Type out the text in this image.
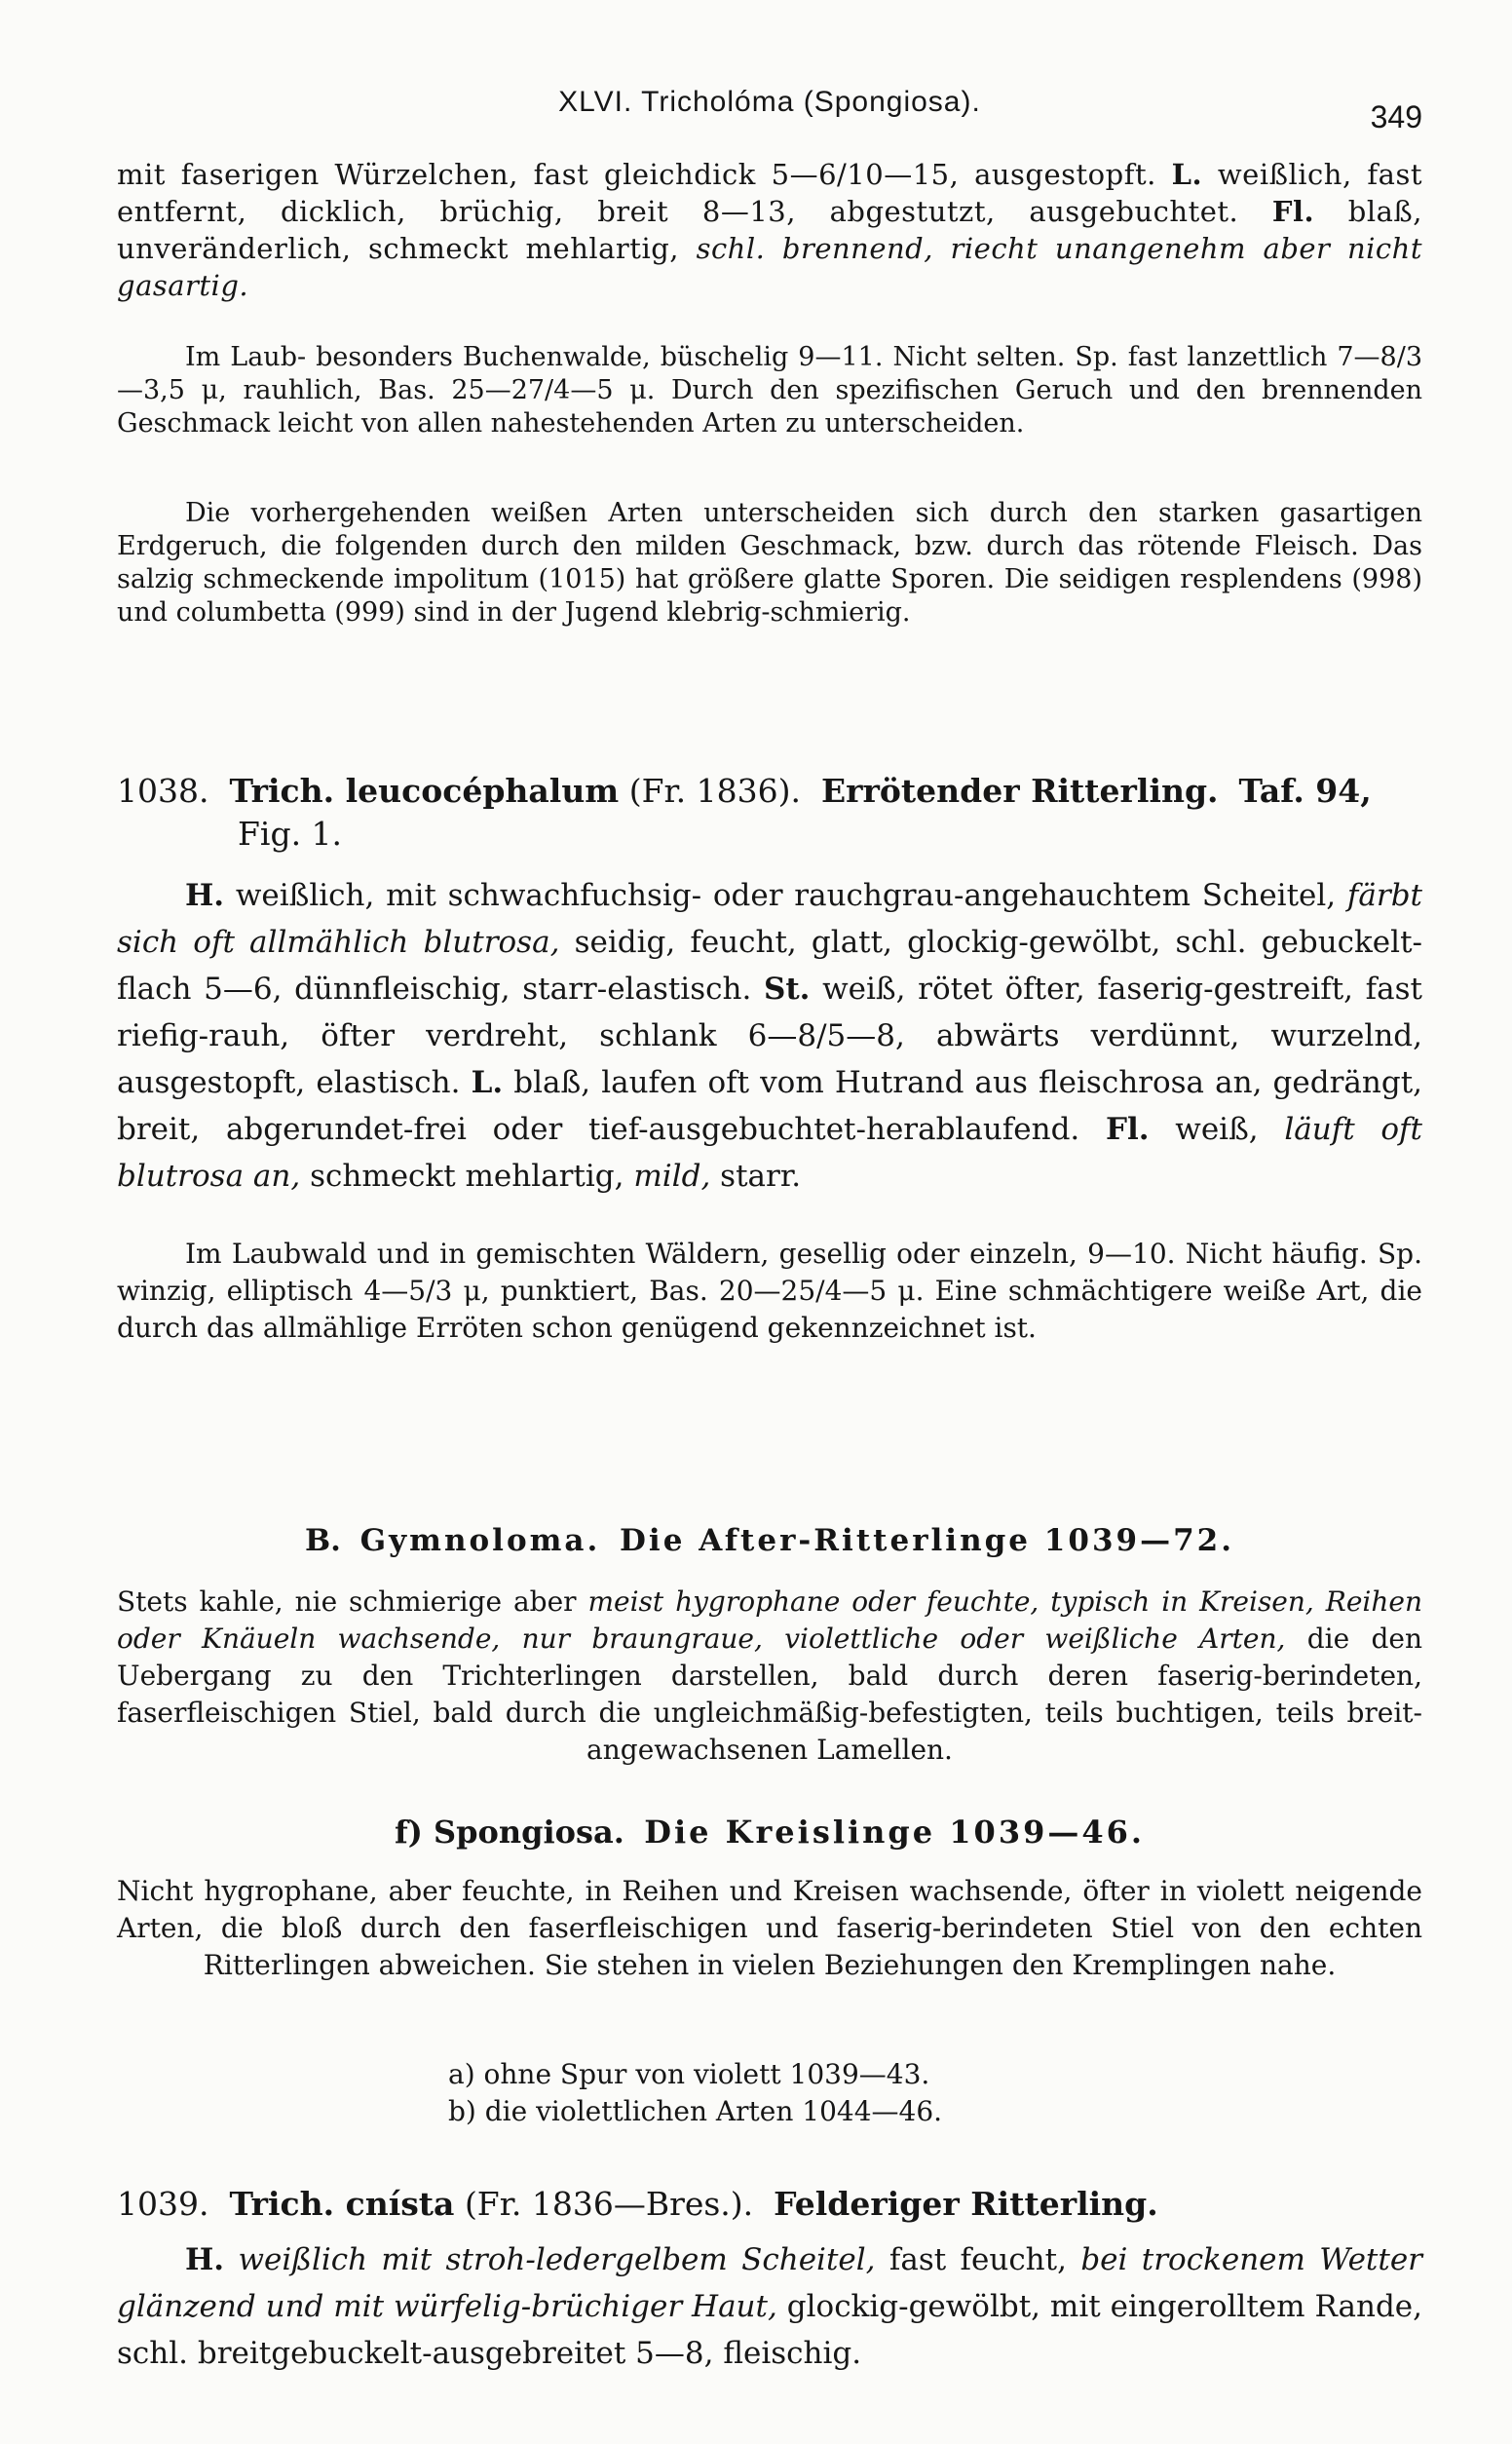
XLVI. Tricholóma (Spongiosa).	349

mit faserigen Würzelchen, fast gleichdick 5—6/10—15, ausgestopft. L. weißlich, fast entfernt, dicklich, brüchig, breit 8—13, abgestutzt, ausgebuchtet. Fl. blaß, unveränderlich, schmeckt mehlartig, schl. brennend, riecht unangenehm aber nicht gasartig.

Im Laub- besonders Buchenwalde, büschelig 9—11. Nicht selten. Sp. fast lanzettlich 7—8/3—3,5 μ, rauhlich, Bas. 25—27/4—5 μ. Durch den spezifischen Geruch und den brennenden Geschmack leicht von allen nahestehenden Arten zu unterscheiden.

Die vorhergehenden weißen Arten unterscheiden sich durch den starken gasartigen Erdgeruch, die folgenden durch den milden Geschmack, bzw. durch das rötende Fleisch. Das salzig schmeckende impolitum (1015) hat größere glatte Sporen. Die seidigen resplendens (998) und columbetta (999) sind in der Jugend klebrig-schmierig.

1038. Trich. leucocéphalum (Fr. 1836). Errötender Ritterling. Taf. 94,
Fig. 1.

H. weißlich, mit schwachfuchsig- oder rauchgrau-angehauchtem Scheitel, färbt sich oft allmählich blutrosa, seidig, feucht, glatt, glockig-gewölbt, schl. gebuckelt-flach 5—6, dünnfleischig, starr-elastisch. St. weiß, rötet öfter, faserig-gestreift, fast riefig-rauh, öfter verdreht, schlank 6—8/5—8, abwärts verdünnt, wurzelnd, ausgestopft, elastisch. L. blaß, laufen oft vom Hutrand aus fleischrosa an, gedrängt, breit, abgerundet-frei oder tief-ausgebuchtet-herablaufend. Fl. weiß, läuft oft blutrosa an, schmeckt mehlartig, mild, starr.

Im Laubwald und in gemischten Wäldern, gesellig oder einzeln, 9—10. Nicht häufig. Sp. winzig, elliptisch 4—5/3 μ, punktiert, Bas. 20—25/4—5 μ. Eine schmächtigere weiße Art, die durch das allmählige Erröten schon genügend gekennzeichnet ist.

B. Gymnoloma. Die After-Ritterlinge 1039—72.

Stets kahle, nie schmierige aber meist hygrophane oder feuchte, typisch in Kreisen, Reihen oder Knäueln wachsende, nur braungraue, violettliche oder weißliche Arten, die den Uebergang zu den Trichterlingen darstellen, bald durch deren faserig-berindeten, faserfleischigen Stiel, bald durch die ungleichmäßig-befestigten, teils buchtigen, teils breit-angewachsenen Lamellen.

f) Spongiosa. Die Kreislinge 1039—46.

Nicht hygrophane, aber feuchte, in Reihen und Kreisen wachsende, öfter in violett neigende Arten, die bloß durch den faserfleischigen und faserig-berindeten Stiel von den echten Ritterlingen abweichen. Sie stehen in vielen Beziehungen den Kremplingen nahe.

a) ohne Spur von violett 1039—43.

b) die violettlichen Arten 1044—46.

1039. Trich. cnísta (Fr. 1836—Bres.). Felderiger Ritterling.

H. weißlich mit stroh-ledergelbem Scheitel, fast feucht, bei trockenem Wetter glänzend und mit würfelig-brüchiger Haut, glockig-gewölbt, mit eingerolltem Rande, schl. breitgebuckelt-ausgebreitet 5—8, fleischig.
